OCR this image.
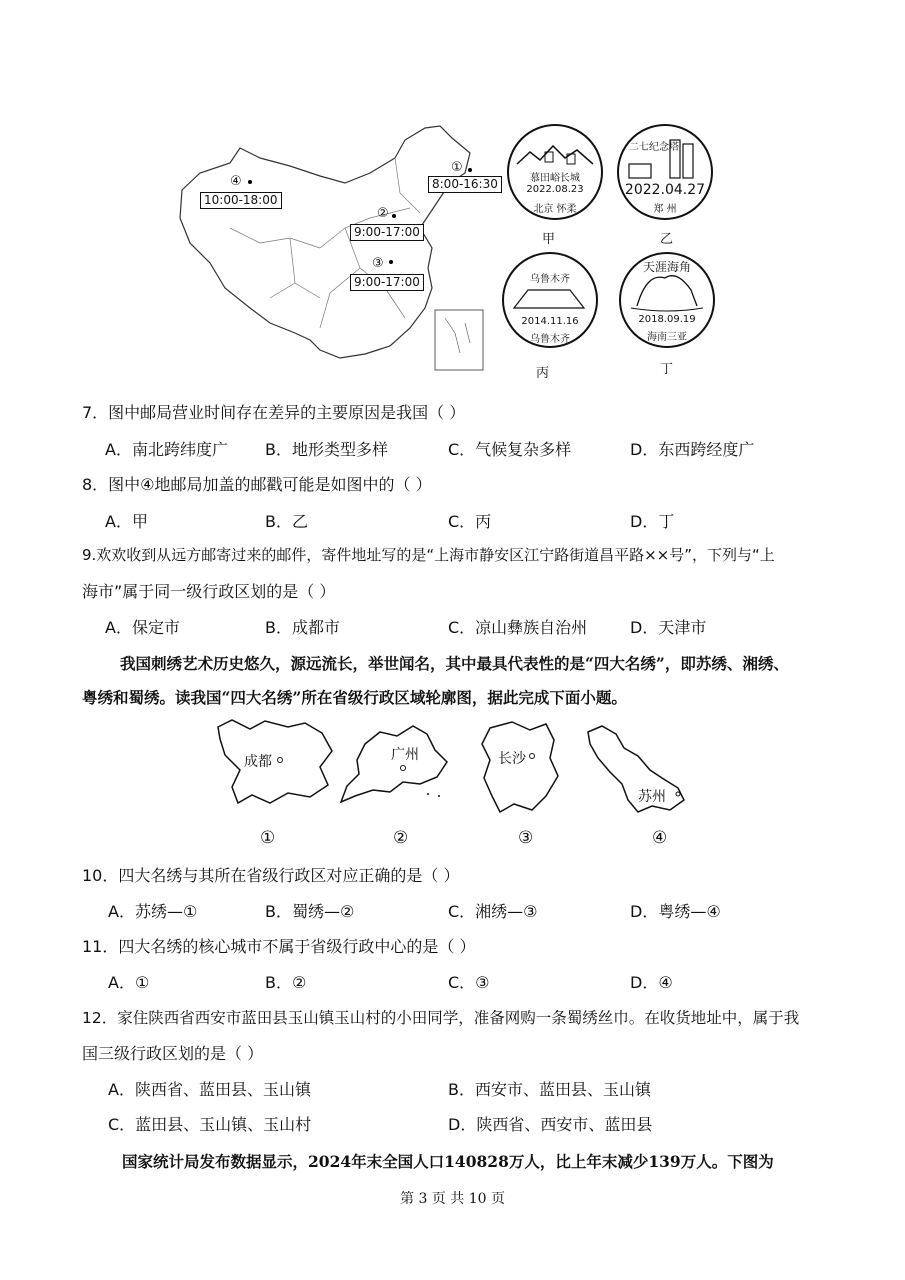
④
10:00-18:00
①
8:00-16:30
②
9:00-17:00
③
9:00-17:00
慕田峪长城
2022.08.23
北京 怀柔
甲
二七纪念塔
2022.04.27
郑 州
乙
乌鲁木齐
2014.11.16
乌鲁木齐
丙
天涯海角
2018.09.19
海南三亚
丁
7．图中邮局营业时间存在差异的主要原因是我国（ ）
A．南北跨纬度广 B．地形类型多样	C．气候复杂多样	D．东西跨经度广
8．图中④地邮局加盖的邮戳可能是如图中的（ ）
A．甲	B．乙	C．丙	D．丁
9.欢欢收到从远方邮寄过来的邮件，寄件地址写的是“上海市静安区江宁路街道昌平路××号”，下列与“上
海市”属于同一级行政区划的是（ ）
A．保定市	B．成都市	C．凉山彝族自治州	D．天津市
我国刺绣艺术历史悠久，源远流长，举世闻名，其中最具代表性的是“四大名绣”，即苏绣、湘绣、
粤绣和蜀绣。读我国“四大名绣”所在省级行政区域轮廓图，据此完成下面小题。
成都
①
广州
②
长沙
③
苏州
④
10．四大名绣与其所在省级行政区对应正确的是（ ）
A．苏绣—①	B．蜀绣—②	C．湘绣—③	D．粤绣—④
11．四大名绣的核心城市不属于省级行政中心的是（ ）
A．①	B．②	C．③	D．④
12．家住陕西省西安市蓝田县玉山镇玉山村的小田同学，准备网购一条蜀绣丝巾。在收货地址中，属于我
国三级行政区划的是（ ）
A．陕西省、蓝田县、玉山镇	B．西安市、蓝田县、玉山镇
C．蓝田县、玉山镇、玉山村	D．陕西省、西安市、蓝田县
国家统计局发布数据显示，2024年末全国人口140828万人，比上年末减少139万人。下图为
第 3 页 共 10 页
